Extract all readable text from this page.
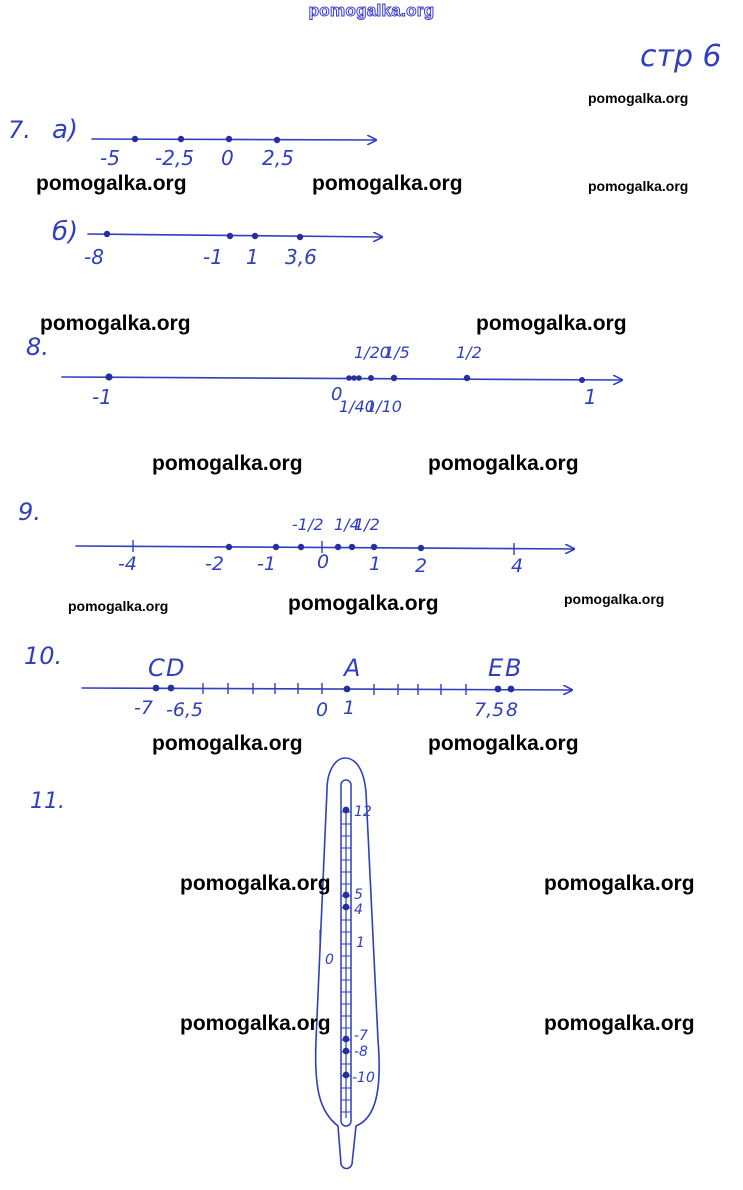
стр 6
7. а)
-5 -2,5 0 2,5
б)
-8	-1 1 3,6
8.
-1	0
1/40
1/20
1/10
1/5	1/2
1
9.
-4	-2 -1
-1/2
0
1/4
1/2
1 2	4
10.	C D	A	E B
-7 -6,5	0 1	7,5 8
11.	12
5
4
1
0
-7
-8
-10
pomogalka.org
pomogalka.org
pomogalka.org	pomogalka.org	pomogalka.org
pomogalka.org	pomogalka.org
pomogalka.org	pomogalka.org
pomogalka.org	pomogalka.org	pomogalka.org
pomogalka.org	pomogalka.org
pomogalka.org	pomogalka.org
pomogalka.org	pomogalka.org
